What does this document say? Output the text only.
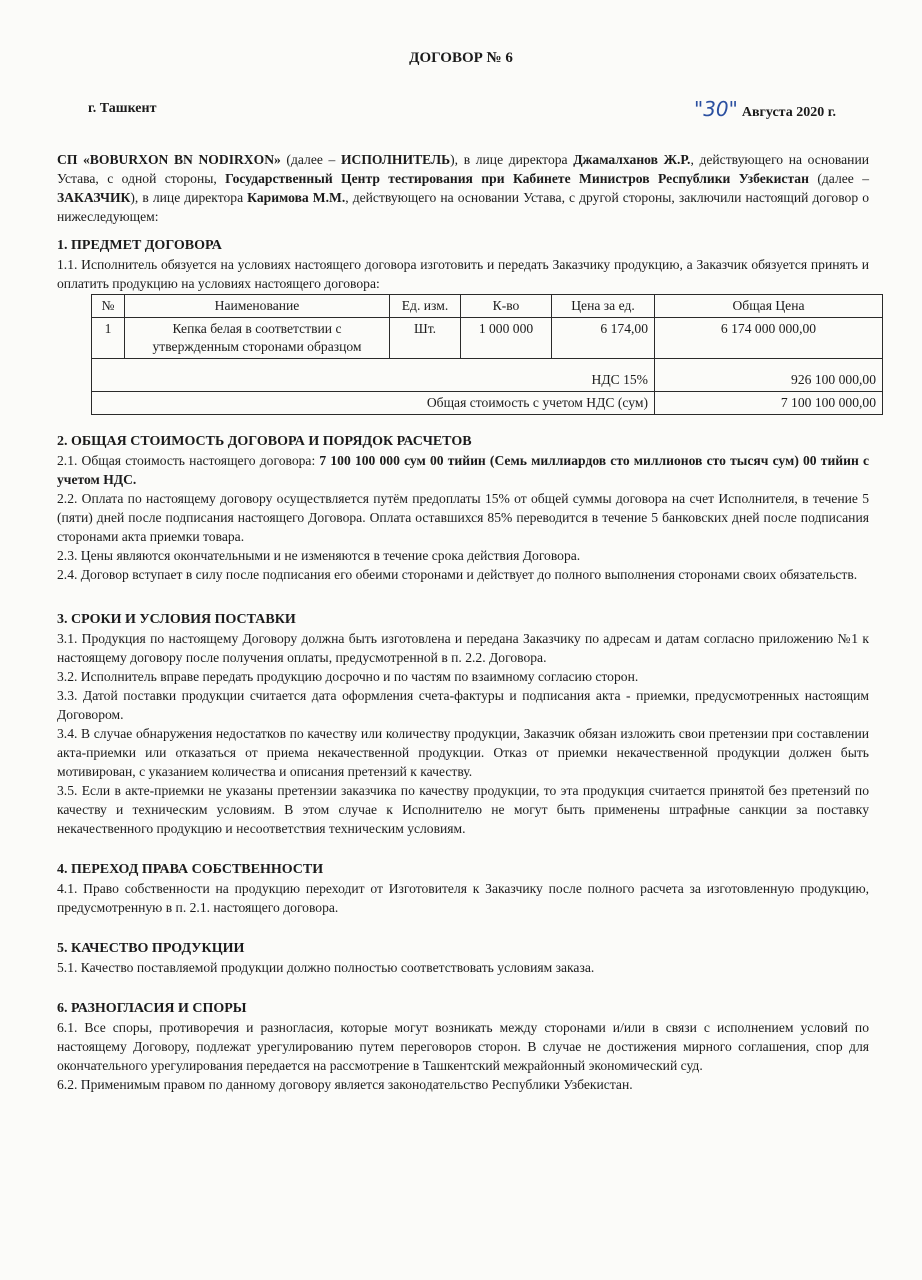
ДОГОВОР № 6
г. Ташкент	"30" Августа 2020 г.

СП «BOBURXON BN NODIRXON» (далее – ИСПОЛНИТЕЛЬ), в лице директора Джамалханов Ж.Р., действующего на основании Устава, с одной стороны, Государственный Центр тестирования при Кабинете Министров Республики Узбекистан (далее – ЗАКАЗЧИК), в лице директора Каримова М.М., действующего на основании Устава, с другой стороны, заключили настоящий договор о нижеследующем:

1. ПРЕДМЕТ ДОГОВОРА

1.1. Исполнитель обязуется на условиях настоящего договора изготовить и передать Заказчику продукцию, а Заказчик обязуется принять и оплатить продукцию на условиях настоящего договора:

№	Наименование	Ед. изм.	К-во	Цена за ед.	Общая Цена
1	Кепка белая в соответствии с утвержденным сторонами образцом	Шт.	1 000 000	6 174,00	6 174 000 000,00
НДС 15%					926 100 000,00
Общая стоимость с учетом НДС (сум)					7 100 100 000,00
2. ОБЩАЯ СТОИМОСТЬ ДОГОВОРА И ПОРЯДОК РАСЧЕТОВ

2.1. Общая стоимость настоящего договора: 7 100 100 000 сум 00 тийин (Семь миллиардов сто миллионов сто тысяч сум) 00 тийин с учетом НДС.

2.2. Оплата по настоящему договору осуществляется путём предоплаты 15% от общей суммы договора на счет Исполнителя, в течение 5 (пяти) дней после подписания настоящего Договора. Оплата оставшихся 85% переводится в течение 5 банковских дней после подписания сторонами акта приемки товара.

2.3. Цены являются окончательными и не изменяются в течение срока действия Договора.

2.4. Договор вступает в силу после подписания его обеими сторонами и действует до полного выполнения сторонами своих обязательств.

3. СРОКИ И УСЛОВИЯ ПОСТАВКИ

3.1. Продукция по настоящему Договору должна быть изготовлена и передана Заказчику по адресам и датам согласно приложению №1 к настоящему договору после получения оплаты, предусмотренной в п. 2.2. Договора.

3.2. Исполнитель вправе передать продукцию досрочно и по частям по взаимному согласию сторон.

3.3. Датой поставки продукции считается дата оформления счета-фактуры и подписания акта - приемки, предусмотренных настоящим Договором.

3.4. В случае обнаружения недостатков по качеству или количеству продукции, Заказчик обязан изложить свои претензии при составлении акта-приемки или отказаться от приема некачественной продукции. Отказ от приемки некачественной продукции должен быть мотивирован, с указанием количества и описания претензий к качеству.

3.5. Если в акте-приемки не указаны претензии заказчика по качеству продукции, то эта продукция считается принятой без претензий по качеству и техническим условиям. В этом случае к Исполнителю не могут быть применены штрафные санкции за поставку некачественного продукцию и несоответствия техническим условиям.

4. ПЕРЕХОД ПРАВА СОБСТВЕННОСТИ

4.1. Право собственности на продукцию переходит от Изготовителя к Заказчику после полного расчета за изготовленную продукцию, предусмотренную в п. 2.1. настоящего договора.

5. КАЧЕСТВО ПРОДУКЦИИ

5.1. Качество поставляемой продукции должно полностью соответствовать условиям заказа.

6. РАЗНОГЛАСИЯ И СПОРЫ

6.1. Все споры, противоречия и разногласия, которые могут возникать между сторонами и/или в связи с исполнением условий по настоящему Договору, подлежат урегулированию путем переговоров сторон. В случае не достижения мирного соглашения, спор для окончательного урегулирования передается на рассмотрение в Ташкентский межрайонный экономический суд.

6.2. Применимым правом по данному договору является законодательство Республики Узбекистан.
